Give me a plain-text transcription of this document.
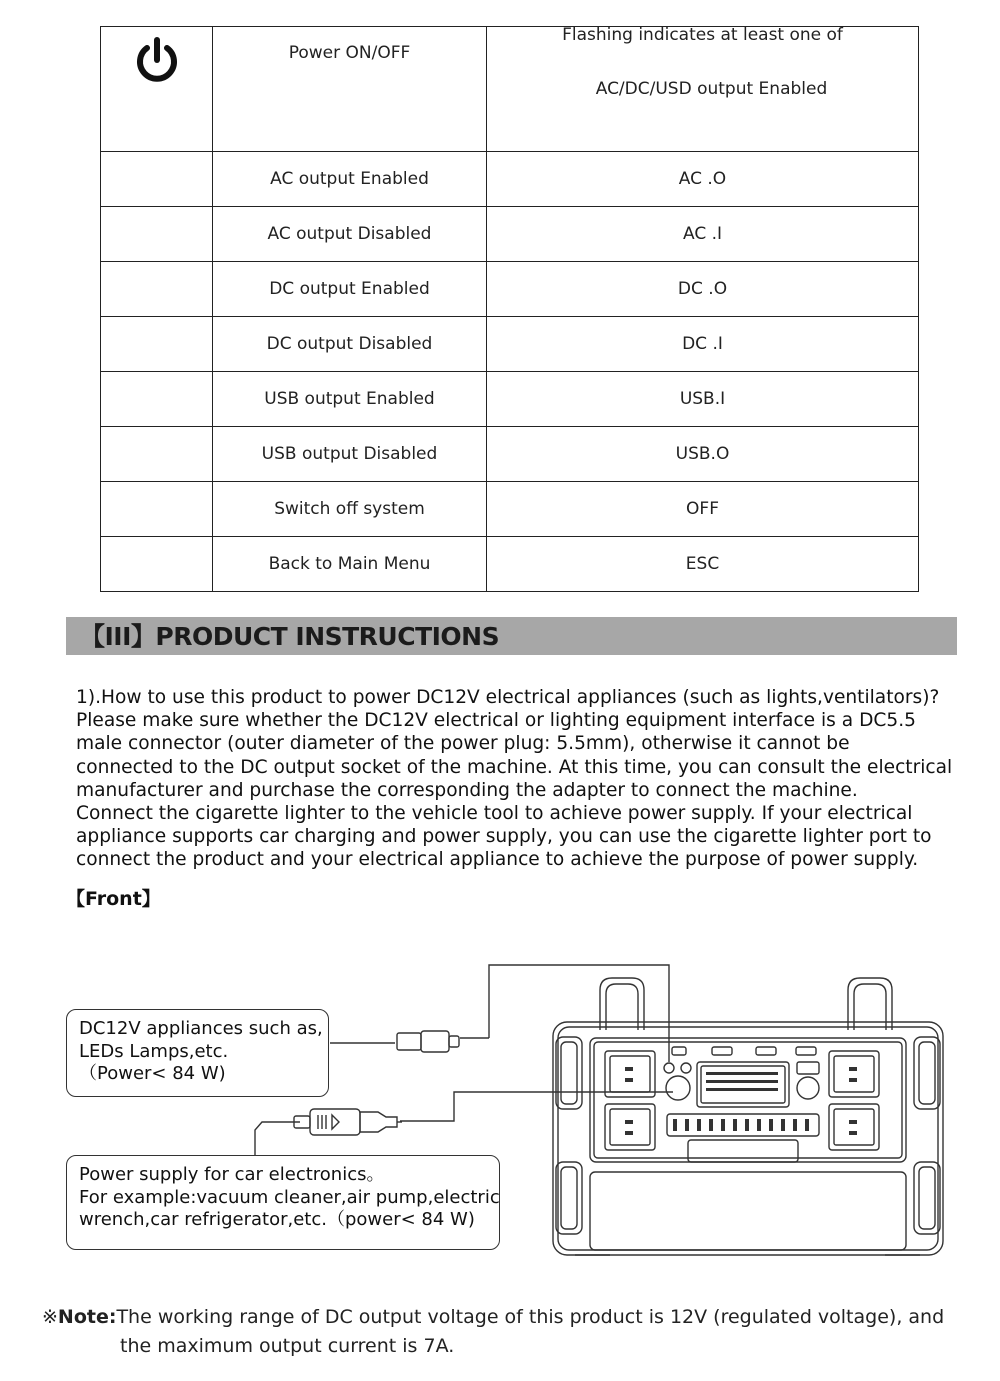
	Power ON/OFF	Flashing indicates at least one of
AC/DC/USD output Enabled

	AC output Enabled	AC .O
	AC output Disabled	AC .I
	DC output Enabled	DC .O
	DC output Disabled	DC .I
	USB output Enabled	USB.I
	USB output Disabled	USB.O
	Switch off system	OFF
	Back to Main Menu	ESC
【III】PRODUCT INSTRUCTIONS
1).How to use this product to power DC12V electrical appliances (such as lights,ventilators)?
Please make sure whether the DC12V electrical or lighting equipment interface is a DC5.5
male connector (outer diameter of the power plug: 5.5mm), otherwise it cannot be
connected to the DC output socket of the machine. At this time, you can consult the electrical
manufacturer and purchase the corresponding the adapter to connect the machine.
Connect the cigarette lighter to the vehicle tool to achieve power supply. If your electrical
appliance supports car charging and power supply, you can use the cigarette lighter port to
connect the product and your electrical appliance to achieve the purpose of power supply.
【Front】
DC12V appliances such as,
LEDs Lamps,etc.
（Power< 84 W)
Power supply for car electronics。
For example:vacuum cleaner,air pump,electric
wrench,car refrigerator,etc.（power< 84 W)
※Note:The working range of DC output voltage of this product is 12V (regulated voltage), and
the maximum output current is 7A.
